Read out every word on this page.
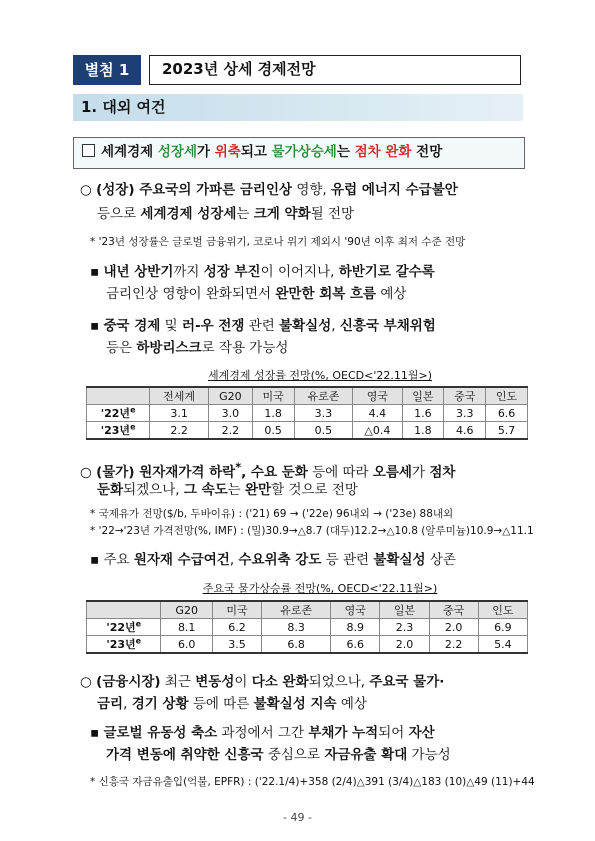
별첨 1	2023년 상세 경제전망
1. 대외 여건
세계경제 성장세가 위축되고 물가상승세는 점차 완화 전망
○ (성장) 주요국의 가파른 금리인상 영향, 유럽 에너지 수급불안
등으로 세계경제 성장세는 크게 약화될 전망
* '23년 성장률은 글로벌 금융위기, 코로나 위기 제외시 '90년 이후 최저 수준 전망
▪ 내년 상반기까지 성장 부진이 이어지나, 하반기로 갈수록
금리인상 영향이 완화되면서 완만한 회복 흐름 예상
▪ 중국 경제 및 러-우 전쟁 관련 불확실성, 신흥국 부채위험
등은 하방리스크로 작용 가능성
세계경제 성장률 전망(%, OECD<'22.11월>)
	전세계	G20	미국	유로존	영국	일본	중국	인도
'22년$^e$	3.1	3.0	1.8	3.3	4.4	1.6	3.3	6.6
'23년$^e$	2.2	2.2	0.5	0.5	△0.4	1.8	4.6	5.7
○ (물가) 원자재가격 하락*, 수요 둔화 등에 따라 오름세가 점차
둔화되겠으나, 그 속도는 완만할 것으로 전망
* 국제유가 전망($/b, 두바이유) : ('21) 69 → ('22e) 96내외 → ('23e) 88내외
* '22→'23년 가격전망(%, IMF) : (밀)30.9→△8.7 (대두)12.2→△10.8 (알루미늄)10.9→△11.1
▪ 주요 원자재 수급여건, 수요위축 강도 등 관련 불확실성 상존
주요국 물가상승률 전망(%, OECD<'22.11월>)
	G20	미국	유로존	영국	일본	중국	인도
'22년$^e$	8.1	6.2	8.3	8.9	2.3	2.0	6.9
'23년$^e$	6.0	3.5	6.8	6.6	2.0	2.2	5.4
○ (금융시장) 최근 변동성이 다소 완화되었으나, 주요국 물가·
금리, 경기 상황 등에 따른 불확실성 지속 예상
▪ 글로벌 유동성 축소 과정에서 그간 부채가 누적되어 자산
가격 변동에 취약한 신흥국 중심으로 자금유출 확대 가능성
* 신흥국 자금유출입(억불, EPFR) : ('22.1/4)+358 (2/4)△391 (3/4)△183 (10)△49 (11)+44
- 49 -
